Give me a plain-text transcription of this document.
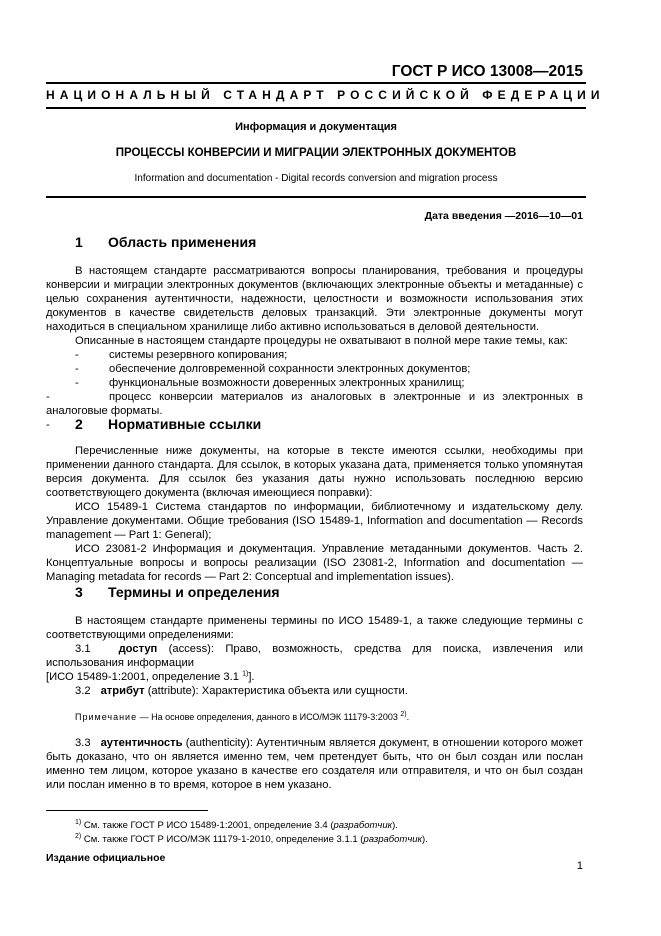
ГОСТ Р ИСО 13008—2015
НАЦИОНАЛЬНЫЙ СТАНДАРТ РОССИЙСКОЙ ФЕДЕРАЦИИ
Информация и документация
ПРОЦЕССЫ КОНВЕРСИИ И МИГРАЦИИ ЭЛЕКТРОННЫХ ДОКУМЕНТОВ
Information and documentation - Digital records conversion and migration process
Дата введения —2016—10—01
1 Область применения

В настоящем стандарте рассматриваются вопросы планирования, требования и процедуры конверсии и миграции электронных документов (включающих электронные объекты и метаданные) с целью сохранения аутентичности, надежности, целостности и возможности использования этих документов в качестве свидетельств деловых транзакций. Эти электронные документы могут находиться в специальном хранилище либо активно использоваться в деловой деятельности.

Описанные в настоящем стандарте процедуры не охватывают в полной мере такие темы, как:

-	системы резервного копирования;

-	обеспечение долговременной сохранности электронных документов;

-	функциональные возможности доверенных электронных хранилищ;

-	процесс конверсии материалов из аналоговых в электронные и из электронных в аналоговые форматы.

-	2 Нормативные ссылки

Перечисленные ниже документы, на которые в тексте имеются ссылки, необходимы при применении данного стандарта. Для ссылок, в которых указана дата, применяется только упомянутая версия документа. Для ссылок без указания даты нужно использовать последнюю версию соответствующего документа (включая имеющиеся поправки):

ИСО 15489-1 Система стандартов по информации, библиотечному и издательскому делу. Управление документами. Общие требования (ISO 15489-1, Information and documentation — Records management — Part 1: General);

ИСО 23081-2 Информация и документация. Управление метаданными документов. Часть 2. Концептуальные вопросы и вопросы реализации (ISO 23081-2, Information and documentation — Managing metadata for records — Part 2: Conceptual and implementation issues).

3 Термины и определения

В настоящем стандарте применены термины по ИСО 15489-1, а также следующие термины с соответствующими определениями:

3.1	доступ (access): Право, возможность, средства для поиска, извлечения или использования информации

[ИСО 15489-1:2001, определение 3.1 $^{1)}$].

3.2 атрибут (attribute): Характеристика объекта или сущности.

Примечание — На основе определения, данного в ИСО/МЭК 11179-3:2003 $^{2)}$.

3.3 аутентичность (authenticity): Аутентичным является документ, в отношении которого может быть доказано, что он является именно тем, чем претендует быть, что он был создан или послан именно тем лицом, которое указано в качестве его создателя или отправителя, и что он был создан или послан именно в то время, которое в нем указано.

$^{1)}$ См. также ГОСТ Р ИСО 15489-1:2001, определение 3.4 (разработчик).
$^{2)}$ См. также ГОСТ Р ИСО/МЭК 11179-1-2010, определение 3.1.1 (разработчик).
Издание официальное
1
